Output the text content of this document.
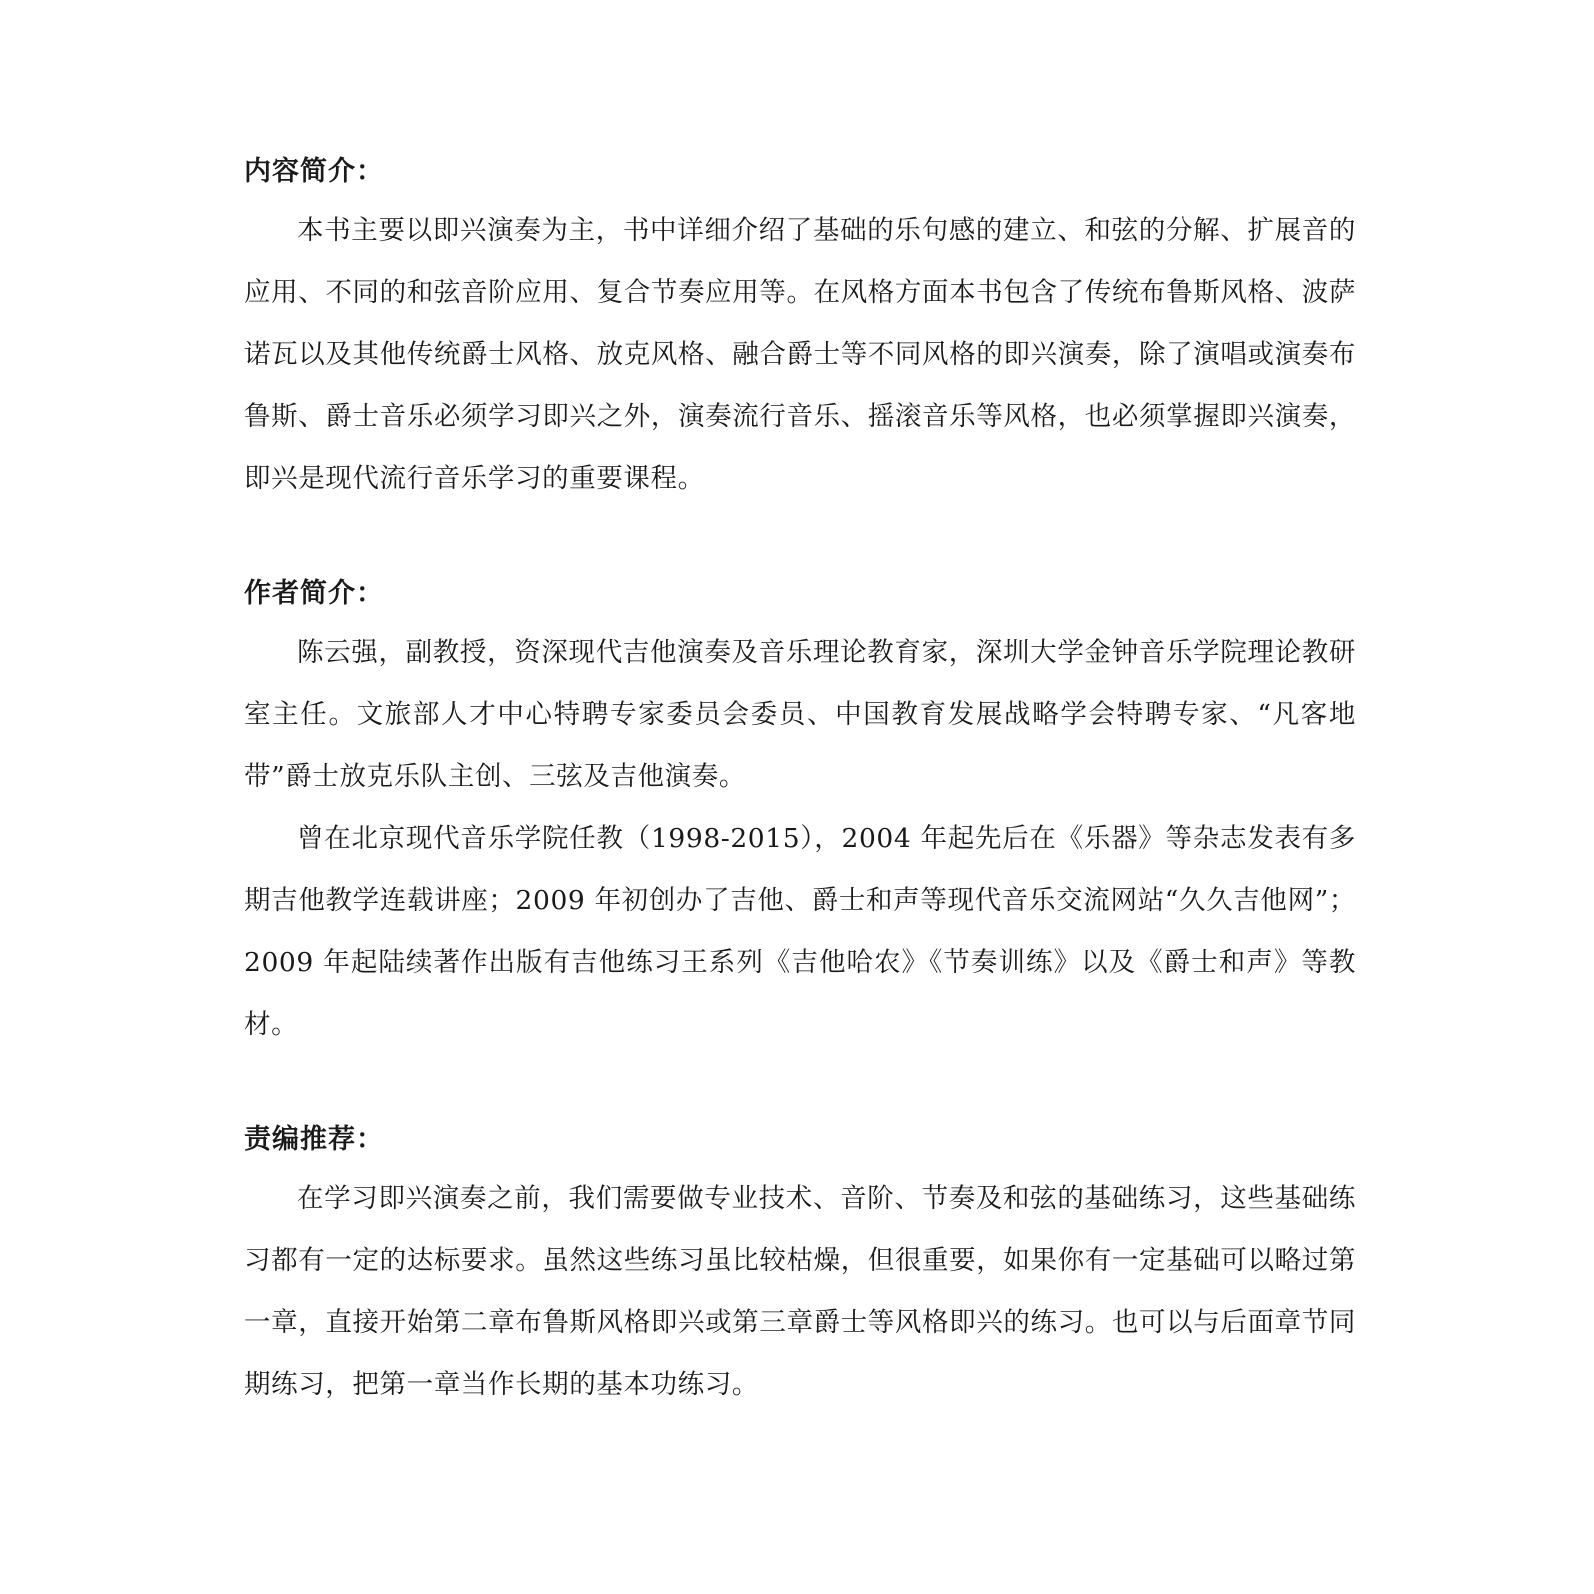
内容简介：

本书主要以即兴演奏为主，书中详细介绍了基础的乐句感的建立、和弦的分解、扩展音的应用、不同的和弦音阶应用、复合节奏应用等。在风格方面本书包含了传统布鲁斯风格、波萨诺瓦以及其他传统爵士风格、放克风格、融合爵士等不同风格的即兴演奏，除了演唱或演奏布鲁斯、爵士音乐必须学习即兴之外，演奏流行音乐、摇滚音乐等风格，也必须掌握即兴演奏，即兴是现代流行音乐学习的重要课程。

作者简介：

陈云强，副教授，资深现代吉他演奏及音乐理论教育家，深圳大学金钟音乐学院理论教研室主任。文旅部人才中心特聘专家委员会委员、中国教育发展战略学会特聘专家、“凡客地带”爵士放克乐队主创、三弦及吉他演奏。

曾在北京现代音乐学院任教（1998-2015），2004 年起先后在《乐器》等杂志发表有多期吉他教学连载讲座；2009 年初创办了吉他、爵士和声等现代音乐交流网站“久久吉他网”；2009 年起陆续著作出版有吉他练习王系列《吉他哈农》《节奏训练》以及《爵士和声》等教材。

责编推荐：

在学习即兴演奏之前，我们需要做专业技术、音阶、节奏及和弦的基础练习，这些基础练习都有一定的达标要求。虽然这些练习虽比较枯燥，但很重要，如果你有一定基础可以略过第一章，直接开始第二章布鲁斯风格即兴或第三章爵士等风格即兴的练习。也可以与后面章节同期练习，把第一章当作长期的基本功练习。
